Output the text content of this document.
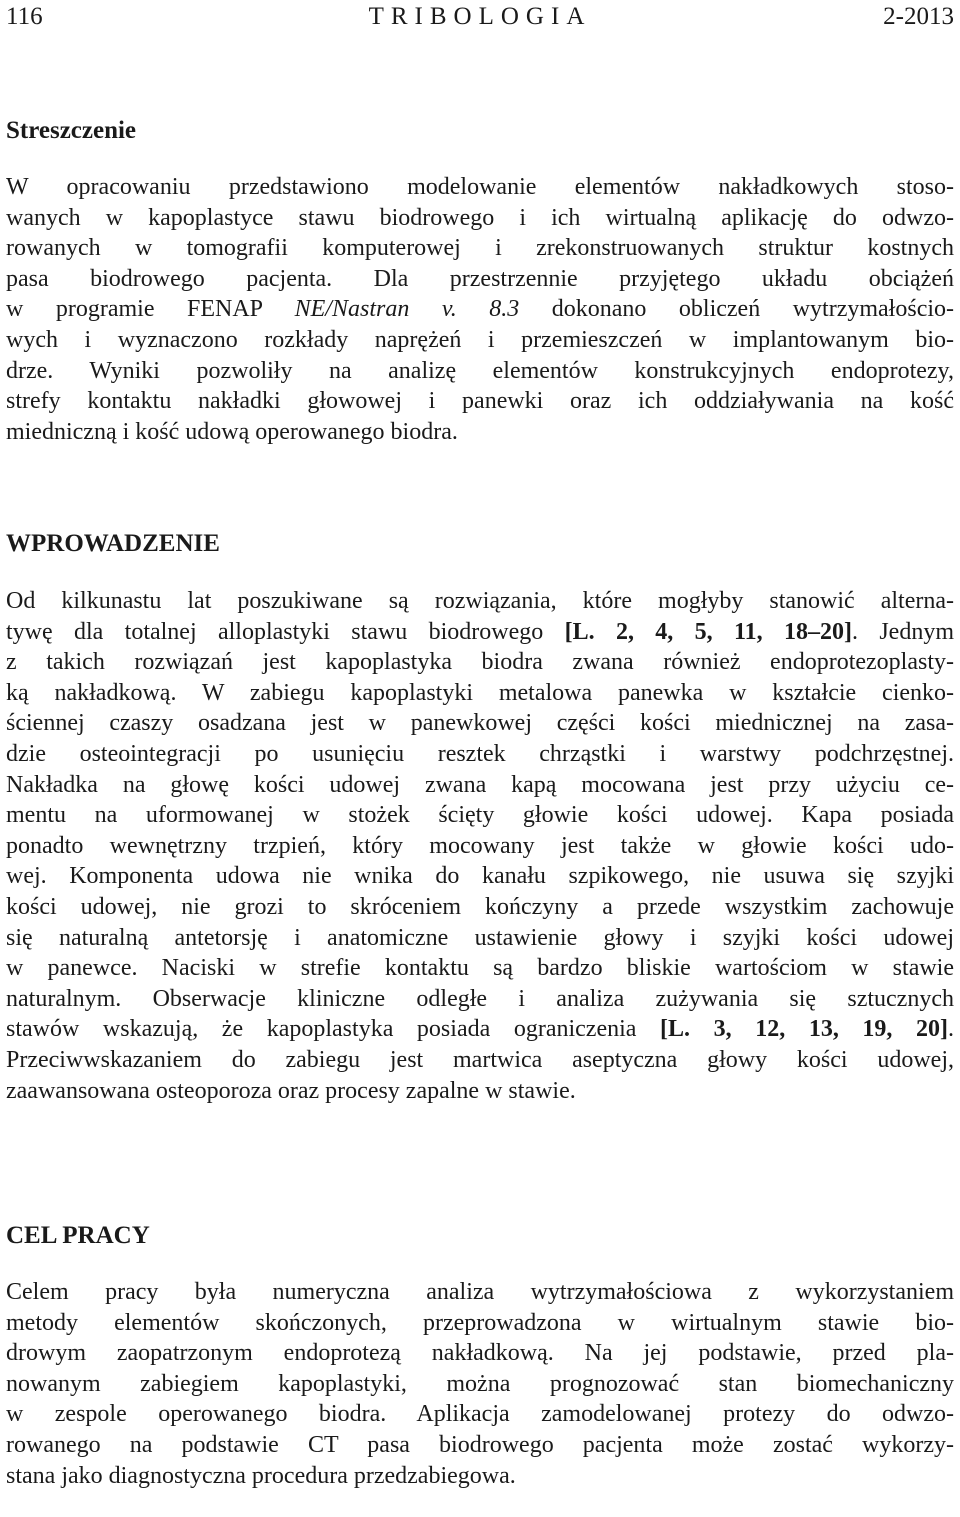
116	TRIBOLOGIA	2-2013
Streszczenie
W opracowaniu przedstawiono modelowanie elementów nakładkowych stoso-
wanych w kapoplastyce stawu biodrowego i ich wirtualną aplikację do odwzo-
rowanych w tomografii komputerowej i zrekonstruowanych struktur kostnych
pasa biodrowego pacjenta. Dla przestrzennie przyjętego układu obciążeń
w programie FENAP NE/Nastran v. 8.3 dokonano obliczeń wytrzymałościo-
wych i wyznaczono rozkłady naprężeń i przemieszczeń w implantowanym bio-
drze. Wyniki pozwoliły na analizę elementów konstrukcyjnych endoprotezy,
strefy kontaktu nakładki głowowej i panewki oraz ich oddziaływania na kość
miedniczną i kość udową operowanego biodra.
WPROWADZENIE
Od kilkunastu lat poszukiwane są rozwiązania, które mogłyby stanowić alterna-
tywę dla totalnej alloplastyki stawu biodrowego [L. 2, 4, 5, 11, 18–20]. Jednym
z takich rozwiązań jest kapoplastyka biodra zwana również endoprotezoplasty-
ką nakładkową. W zabiegu kapoplastyki metalowa panewka w kształcie cienko-
ściennej czaszy osadzana jest w panewkowej części kości miednicznej na zasa-
dzie osteointegracji po usunięciu resztek chrząstki i warstwy podchrzęstnej.
Nakładka na głowę kości udowej zwana kapą mocowana jest przy użyciu ce-
mentu na uformowanej w stożek ścięty głowie kości udowej. Kapa posiada
ponadto wewnętrzny trzpień, który mocowany jest także w głowie kości udo-
wej. Komponenta udowa nie wnika do kanału szpikowego, nie usuwa się szyjki
kości udowej, nie grozi to skróceniem kończyny a przede wszystkim zachowuje
się naturalną antetorsję i anatomiczne ustawienie głowy i szyjki kości udowej
w panewce. Naciski w strefie kontaktu są bardzo bliskie wartościom w stawie
naturalnym. Obserwacje kliniczne odległe i analiza zużywania się sztucznych
stawów wskazują, że kapoplastyka posiada ograniczenia [L. 3, 12, 13, 19, 20].
Przeciwwskazaniem do zabiegu jest martwica aseptyczna głowy kości udowej,
zaawansowana osteoporoza oraz procesy zapalne w stawie.
CEL PRACY
Celem pracy była numeryczna analiza wytrzymałościowa z wykorzystaniem
metody elementów skończonych, przeprowadzona w wirtualnym stawie bio-
drowym zaopatrzonym endoprotezą nakładkową. Na jej podstawie, przed pla-
nowanym zabiegiem kapoplastyki, można prognozować stan biomechaniczny
w zespole operowanego biodra. Aplikacja zamodelowanej protezy do odwzo-
rowanego na podstawie CT pasa biodrowego pacjenta może zostać wykorzy-
stana jako diagnostyczna procedura przedzabiegowa.
